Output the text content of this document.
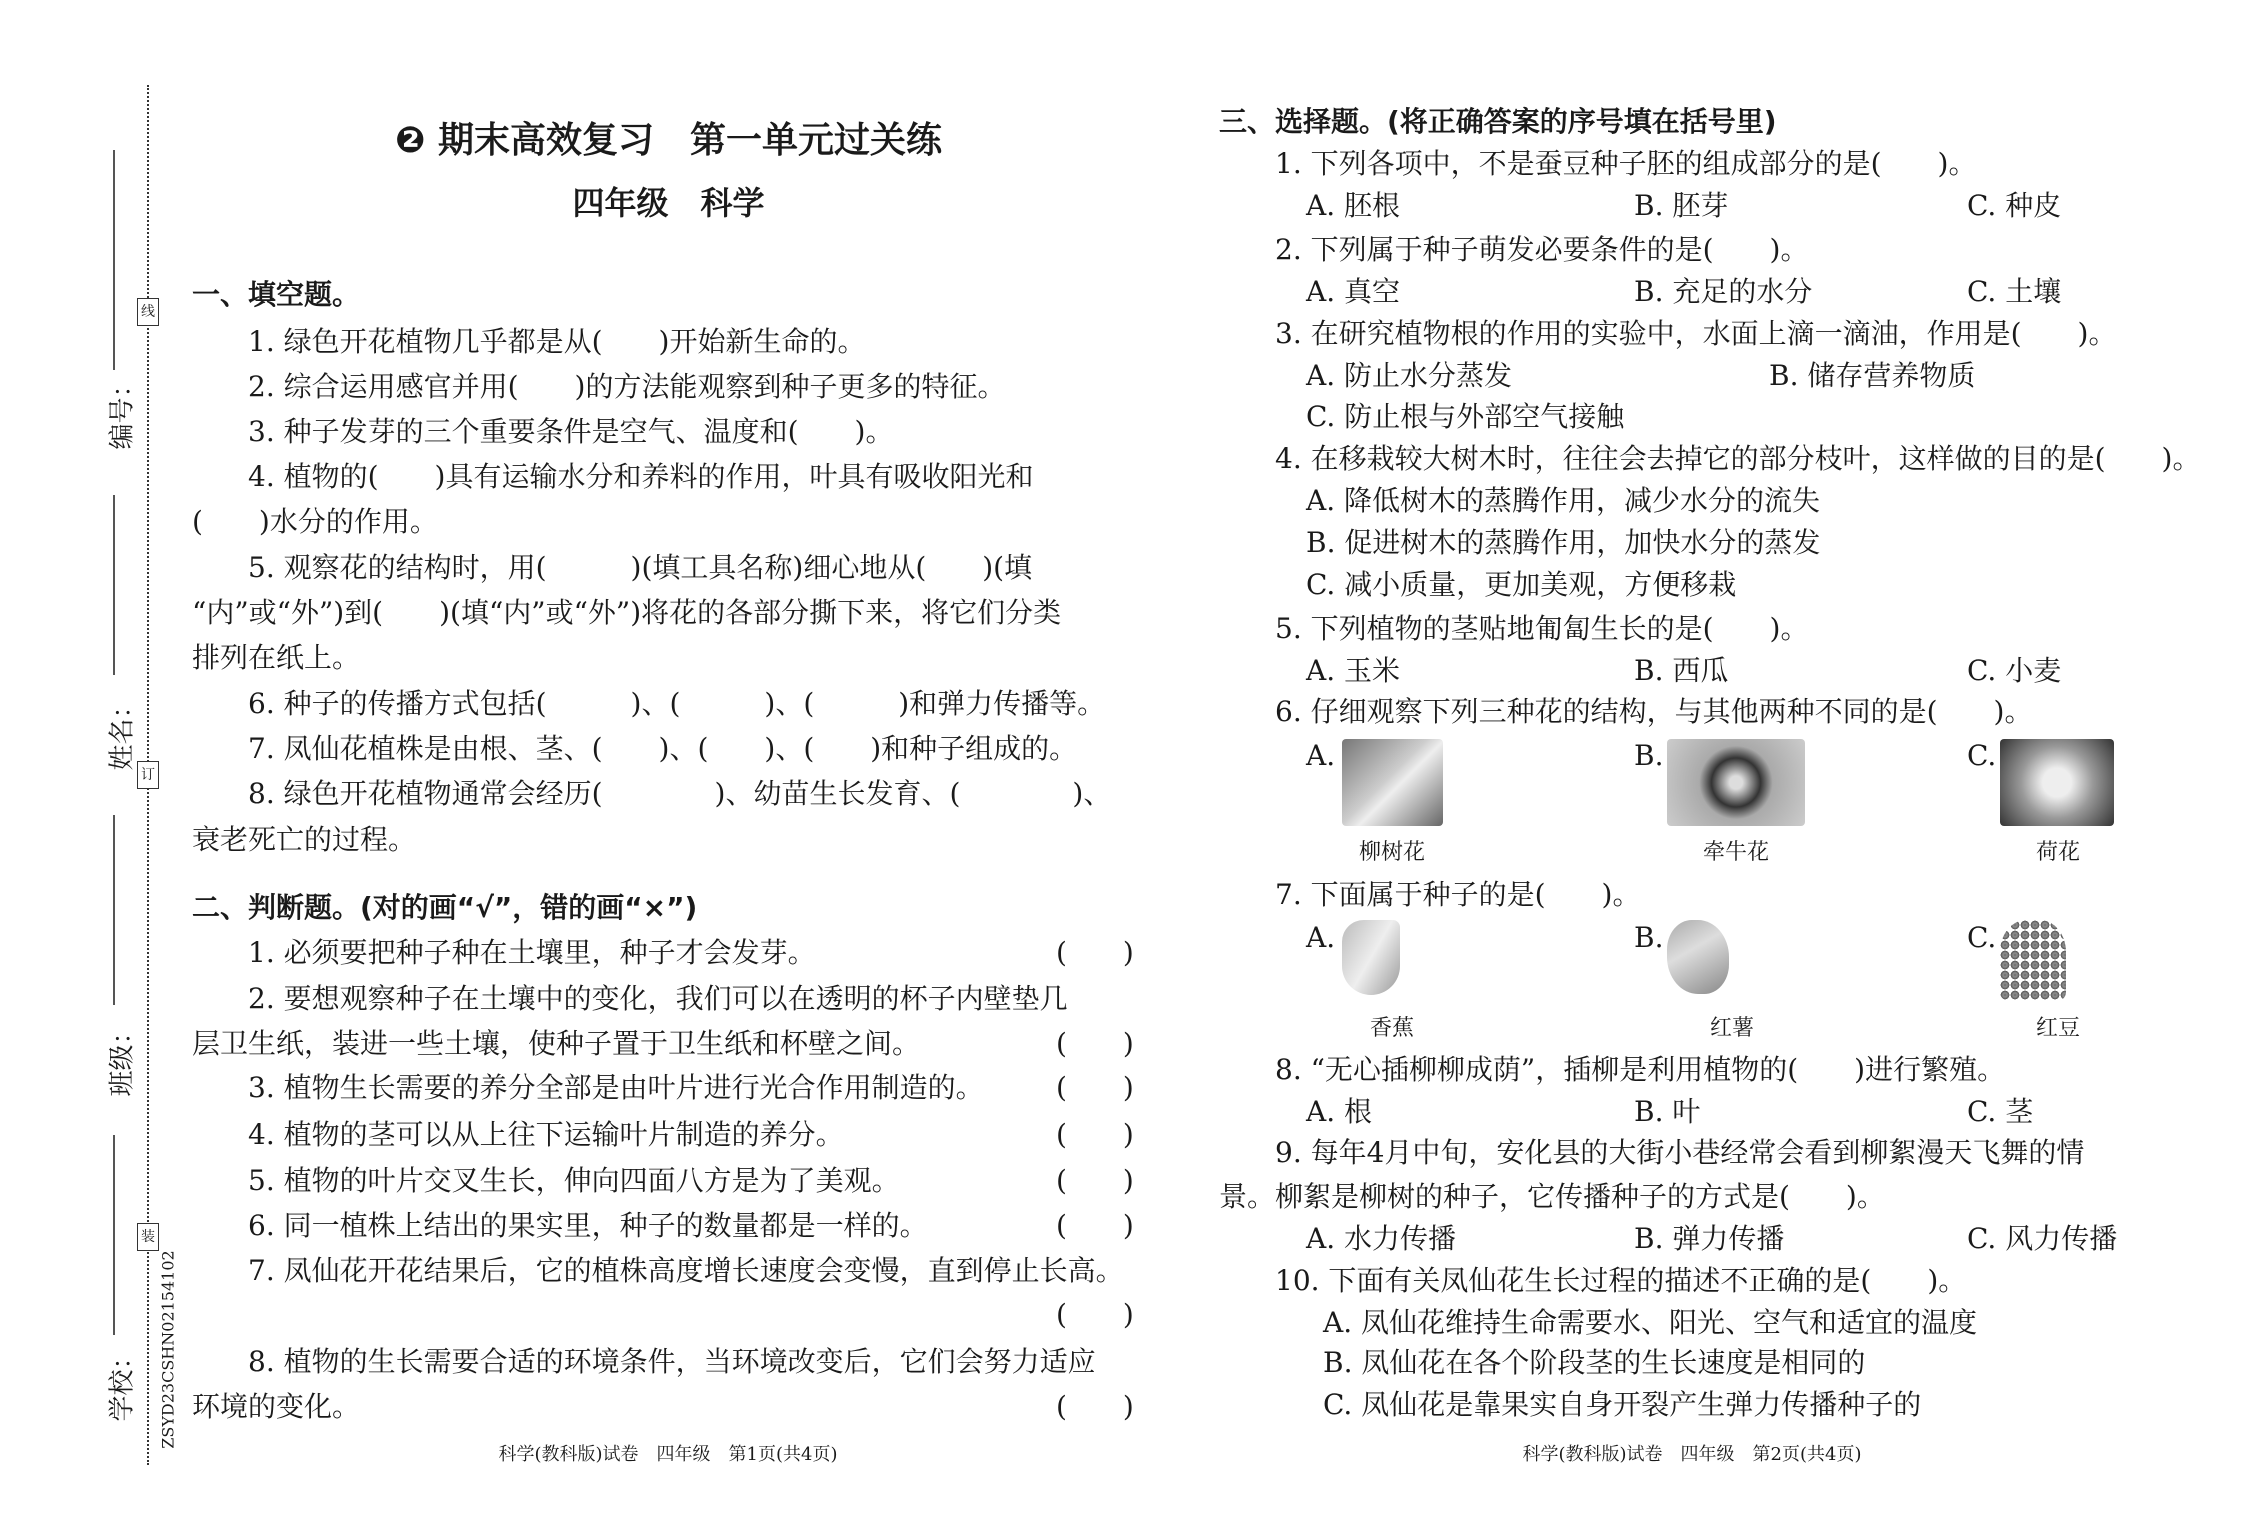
编号：
姓名：
班级：
学校：
线
订
装
ZSYD23CSHN02154102
❷ 期末高效复习　第一单元过关练
四年级　科学
一、填空题。
1. 绿色开花植物几乎都是从(　　)开始新生命的。
2. 综合运用感官并用(　　)的方法能观察到种子更多的特征。
3. 种子发芽的三个重要条件是空气、温度和(　　)。
4. 植物的(　　)具有运输水分和养料的作用，叶具有吸收阳光和
(　　)水分的作用。
5. 观察花的结构时，用(　　　)(填工具名称)细心地从(　　)(填
“内”或“外”)到(　　)(填“内”或“外”)将花的各部分撕下来，将它们分类
排列在纸上。
6. 种子的传播方式包括(　　　)、(　　　)、(　　　)和弹力传播等。
7. 凤仙花植株是由根、茎、(　　)、(　　)、(　　)和种子组成的。
8. 绿色开花植物通常会经历(　　　　)、幼苗生长发育、(　　　　)、
衰老死亡的过程。
二、判断题。(对的画“√”，错的画“×”)
1. 必须要把种子种在土壤里，种子才会发芽。	(　　)
2. 要想观察种子在土壤中的变化，我们可以在透明的杯子内壁垫几
层卫生纸，装进一些土壤，使种子置于卫生纸和杯壁之间。	(　　)
3. 植物生长需要的养分全部是由叶片进行光合作用制造的。	(　　)
4. 植物的茎可以从上往下运输叶片制造的养分。	(　　)
5. 植物的叶片交叉生长，伸向四面八方是为了美观。	(　　)
6. 同一植株上结出的果实里，种子的数量都是一样的。	(　　)
7. 凤仙花开花结果后，它的植株高度增长速度会变慢，直到停止长高。
(　　)
8. 植物的生长需要合适的环境条件，当环境改变后，它们会努力适应
环境的变化。	(　　)
科学(教科版)试卷　四年级　第1页(共4页)
三、选择题。(将正确答案的序号填在括号里)
1. 下列各项中，不是蚕豆种子胚的组成部分的是(　　)。
A. 胚根	B. 胚芽	C. 种皮
2. 下列属于种子萌发必要条件的是(　　)。
A. 真空	B. 充足的水分	C. 土壤
3. 在研究植物根的作用的实验中，水面上滴一滴油，作用是(　　)。
A. 防止水分蒸发	B. 储存营养物质
C. 防止根与外部空气接触
4. 在移栽较大树木时，往往会去掉它的部分枝叶，这样做的目的是(　　)。
A. 降低树木的蒸腾作用，减少水分的流失
B. 促进树木的蒸腾作用，加快水分的蒸发
C. 减小质量，更加美观，方便移栽
5. 下列植物的茎贴地匍匐生长的是(　　)。
A. 玉米	B. 西瓜	C. 小麦
6. 仔细观察下列三种花的结构，与其他两种不同的是(　　)。
A.	B.	C.
柳树花	牵牛花	荷花
7. 下面属于种子的是(　　)。
A.	B.	C.
香蕉	红薯	红豆
8. “无心插柳柳成荫”，插柳是利用植物的(　　)进行繁殖。
A. 根	B. 叶	C. 茎
9. 每年4月中旬，安化县的大街小巷经常会看到柳絮漫天飞舞的情
景。柳絮是柳树的种子，它传播种子的方式是(　　)。
A. 水力传播	B. 弹力传播	C. 风力传播
10. 下面有关凤仙花生长过程的描述不正确的是(　　)。
A. 凤仙花维持生命需要水、阳光、空气和适宜的温度
B. 凤仙花在各个阶段茎的生长速度是相同的
C. 凤仙花是靠果实自身开裂产生弹力传播种子的
科学(教科版)试卷　四年级　第2页(共4页)
